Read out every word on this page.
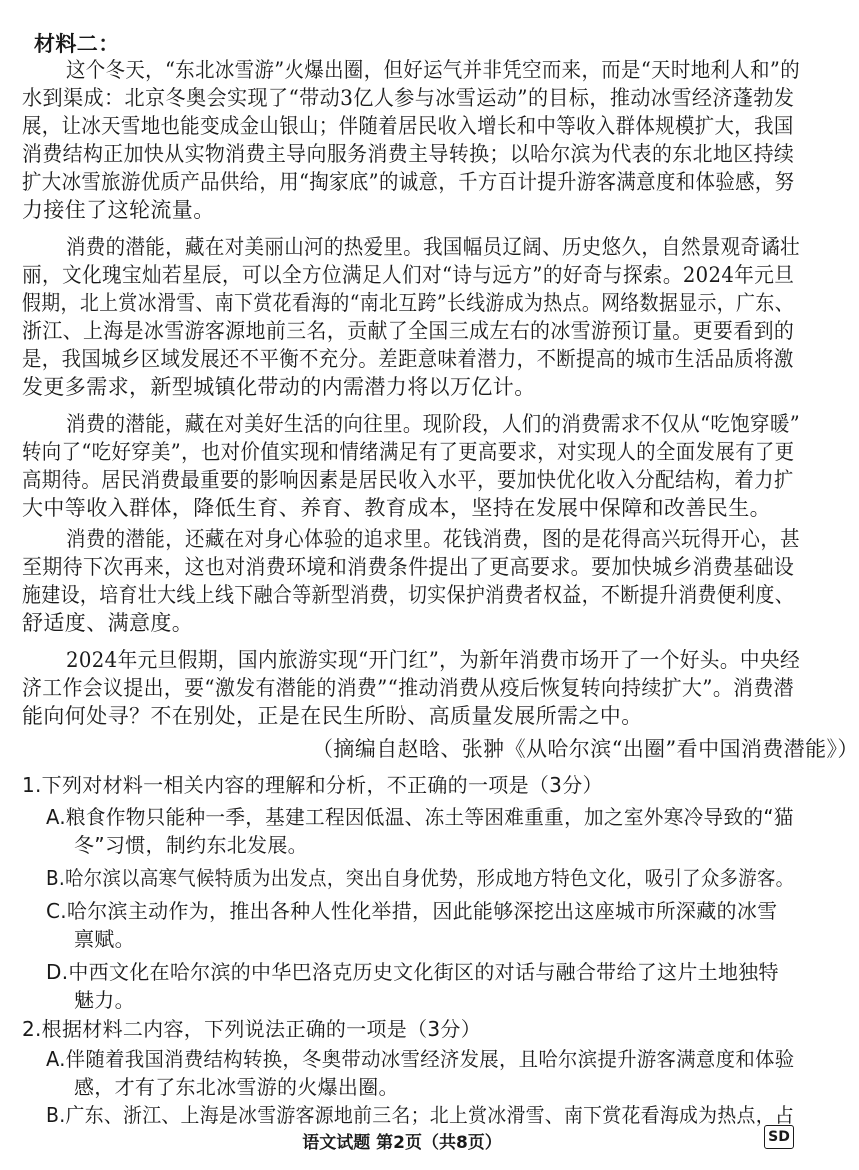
材料二：
这个冬天，“东北冰雪游”火爆出圈，但好运气并非凭空而来，而是“天时地利人和”的
水到渠成：北京冬奥会实现了“带动3亿人参与冰雪运动”的目标，推动冰雪经济蓬勃发
展，让冰天雪地也能变成金山银山；伴随着居民收入增长和中等收入群体规模扩大，我国
消费结构正加快从实物消费主导向服务消费主导转换；以哈尔滨为代表的东北地区持续
扩大冰雪旅游优质产品供给，用“掏家底”的诚意，千方百计提升游客满意度和体验感，努
力接住了这轮流量。
消费的潜能，藏在对美丽山河的热爱里。我国幅员辽阔、历史悠久，自然景观奇谲壮
丽，文化瑰宝灿若星辰，可以全方位满足人们对“诗与远方”的好奇与探索。2024年元旦
假期，北上赏冰滑雪、南下赏花看海的“南北互跨”长线游成为热点。网络数据显示，广东、
浙江、上海是冰雪游客源地前三名，贡献了全国三成左右的冰雪游预订量。更要看到的
是，我国城乡区域发展还不平衡不充分。差距意味着潜力，不断提高的城市生活品质将激
发更多需求，新型城镇化带动的内需潜力将以万亿计。
消费的潜能，藏在对美好生活的向往里。现阶段，人们的消费需求不仅从“吃饱穿暖”
转向了“吃好穿美”，也对价值实现和情绪满足有了更高要求，对实现人的全面发展有了更
高期待。居民消费最重要的影响因素是居民收入水平，要加快优化收入分配结构，着力扩
大中等收入群体，降低生育、养育、教育成本，坚持在发展中保障和改善民生。
消费的潜能，还藏在对身心体验的追求里。花钱消费，图的是花得高兴玩得开心，甚
至期待下次再来，这也对消费环境和消费条件提出了更高要求。要加快城乡消费基础设
施建设，培育壮大线上线下融合等新型消费，切实保护消费者权益，不断提升消费便利度、
舒适度、满意度。
2024年元旦假期，国内旅游实现“开门红”，为新年消费市场开了一个好头。中央经
济工作会议提出，要“激发有潜能的消费”“推动消费从疫后恢复转向持续扩大”。消费潜
能向何处寻？不在别处，正是在民生所盼、高质量发展所需之中。
（摘编自赵晗、张翀《从哈尔滨“出圈”看中国消费潜能》）
1.下列对材料一相关内容的理解和分析，不正确的一项是（3分）
A.粮食作物只能种一季，基建工程因低温、冻土等困难重重，加之室外寒冷导致的“猫
冬”习惯，制约东北发展。
B.哈尔滨以高寒气候特质为出发点，突出自身优势，形成地方特色文化，吸引了众多游客。
C.哈尔滨主动作为，推出各种人性化举措，因此能够深挖出这座城市所深藏的冰雪
禀赋。
D.中西文化在哈尔滨的中华巴洛克历史文化街区的对话与融合带给了这片土地独特
魅力。
2.根据材料二内容，下列说法正确的一项是（3分）
A.伴随着我国消费结构转换，冬奥带动冰雪经济发展，且哈尔滨提升游客满意度和体验
感，才有了东北冰雪游的火爆出圈。
B.广东、浙江、上海是冰雪游客源地前三名；北上赏冰滑雪、南下赏花看海成为热点，占
语文试题 第2页（共8页）	SD
